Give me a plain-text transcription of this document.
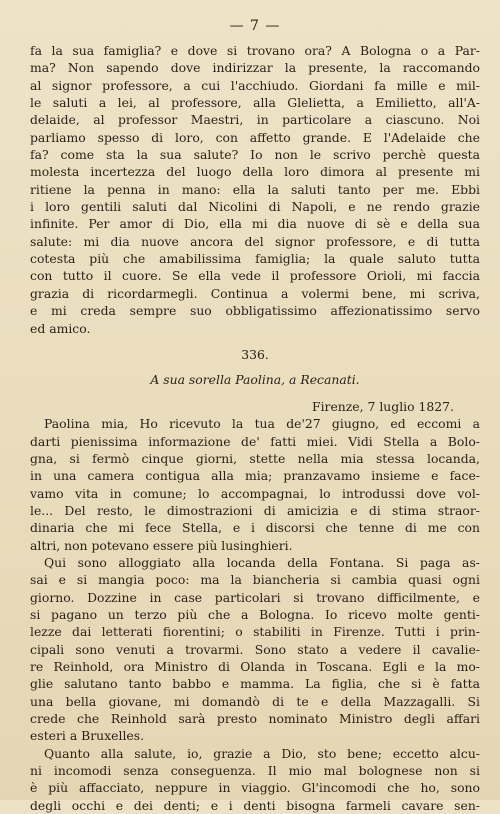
— 7 —
fa la sua famiglia? e dove si trovano ora? A Bologna o a Par-
ma? Non sapendo dove indirizzar la presente, la raccomando
al signor professore, a cui l'acchiudo. Giordani fa mille e mil-
le saluti a lei, al professore, alla Glelietta, a Emilietto, all'A-
delaide, al professor Maestri, in particolare a ciascuno. Noi
parliamo spesso di loro, con affetto grande. E l'Adelaide che
fa? come sta la sua salute? Io non le scrivo perchè questa
molesta incertezza del luogo della loro dimora al presente mi
ritiene la penna in mano: ella la saluti tanto per me. Ebbi
i loro gentili saluti dal Nicolini di Napoli, e ne rendo grazie
infinite. Per amor di Dio, ella mi dia nuove di sè e della sua
salute: mi dia nuove ancora del signor professore, e di tutta
cotesta più che amabilissima famiglia; la quale saluto tutta
con tutto il cuore. Se ella vede il professore Orioli, mi faccia
grazia di ricordarmegli. Continua a volermi bene, mi scriva,
e mi creda sempre suo obbligatissimo affezionatissimo servo
ed amico.
336.
A sua sorella Paolina, a Recanati.
Firenze, 7 luglio 1827.
Paolina mia, Ho ricevuto la tua de'27 giugno, ed eccomi a
darti pienissima informazione de' fatti miei. Vidi Stella a Bolo-
gna, si fermò cinque giorni, stette nella mia stessa locanda,
in una camera contigua alla mia; pranzavamo insieme e face-
vamo vita in comune; lo accompagnai, lo introdussi dove vol-
le... Del resto, le dimostrazioni di amicizia e di stima straor-
dinaria che mi fece Stella, e i discorsi che tenne di me con
altri, non potevano essere più lusinghieri.
Qui sono alloggiato alla locanda della Fontana. Si paga as-
sai e si mangia poco: ma la biancheria si cambia quasi ogni
giorno. Dozzine in case particolari si trovano difficilmente, e
si pagano un terzo più che a Bologna. Io ricevo molte genti-
lezze dai letterati fiorentini; o stabiliti in Firenze. Tutti i prin-
cipali sono venuti a trovarmi. Sono stato a vedere il cavalie-
re Reinhold, ora Ministro di Olanda in Toscana. Egli e la mo-
glie salutano tanto babbo e mamma. La figlia, che si è fatta
una bella giovane, mi domandò di te e della Mazzagalli. Si
crede che Reinhold sarà presto nominato Ministro degli affari
esteri a Bruxelles.
Quanto alla salute, io, grazie a Dio, sto bene; eccetto alcu-
ni incomodi senza conseguenza. Il mio mal bolognese non si
è più affacciato, neppure in viaggio. Gl'incomodi che ho, sono
degli occhi e dei denti; e i denti bisogna farmeli cavare sen-
